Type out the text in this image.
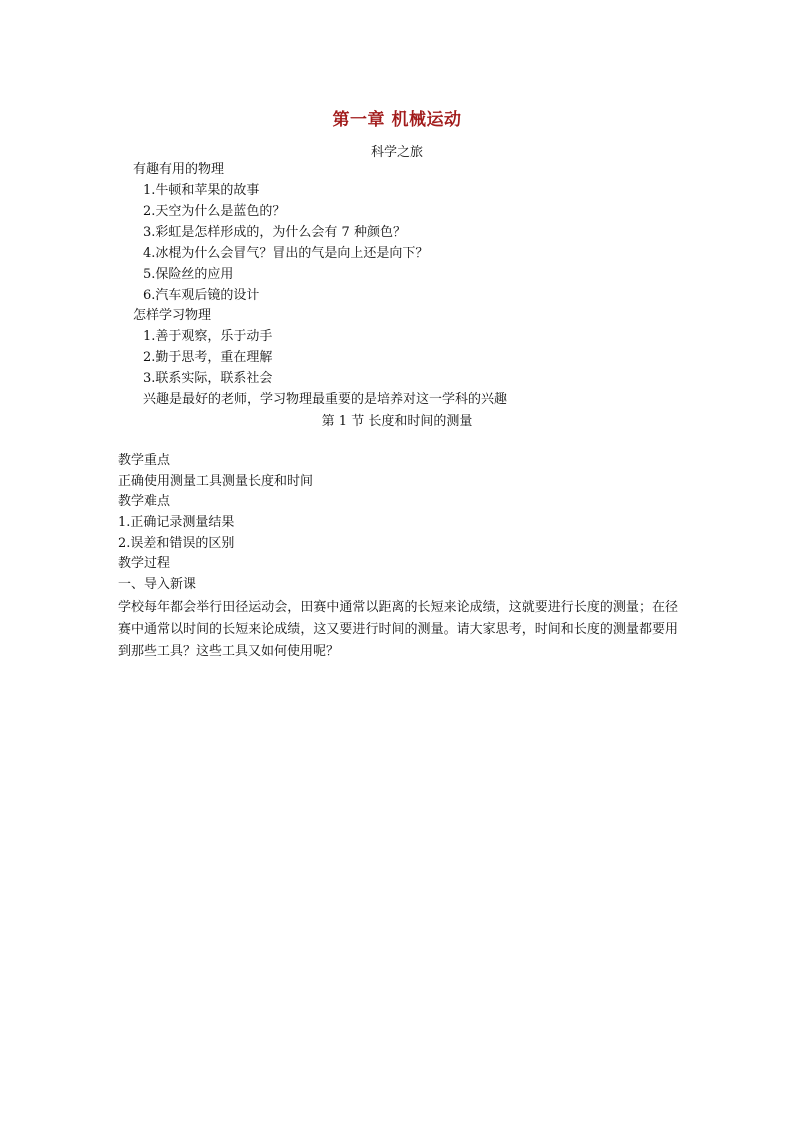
第一章 机械运动
科学之旅
有趣有用的物理
1.牛顿和苹果的故事
2.天空为什么是蓝色的？
3.彩虹是怎样形成的，为什么会有 7 种颜色？
4.冰棍为什么会冒气？冒出的气是向上还是向下？
5.保险丝的应用
6.汽车观后镜的设计
怎样学习物理
1.善于观察，乐于动手
2.勤于思考，重在理解
3.联系实际，联系社会
兴趣是最好的老师，学习物理最重要的是培养对这一学科的兴趣
第 1 节 长度和时间的测量
教学重点
正确使用测量工具测量长度和时间
教学难点
1.正确记录测量结果
2.误差和错误的区别
教学过程
一、导入新课
学校每年都会举行田径运动会，田赛中通常以距离的长短来论成绩，这就要进行长度的测量；在径赛中通常以时间的长短来论成绩，这又要进行时间的测量。请大家思考，时间和长度的测量都要用到那些工具？这些工具又如何使用呢？
